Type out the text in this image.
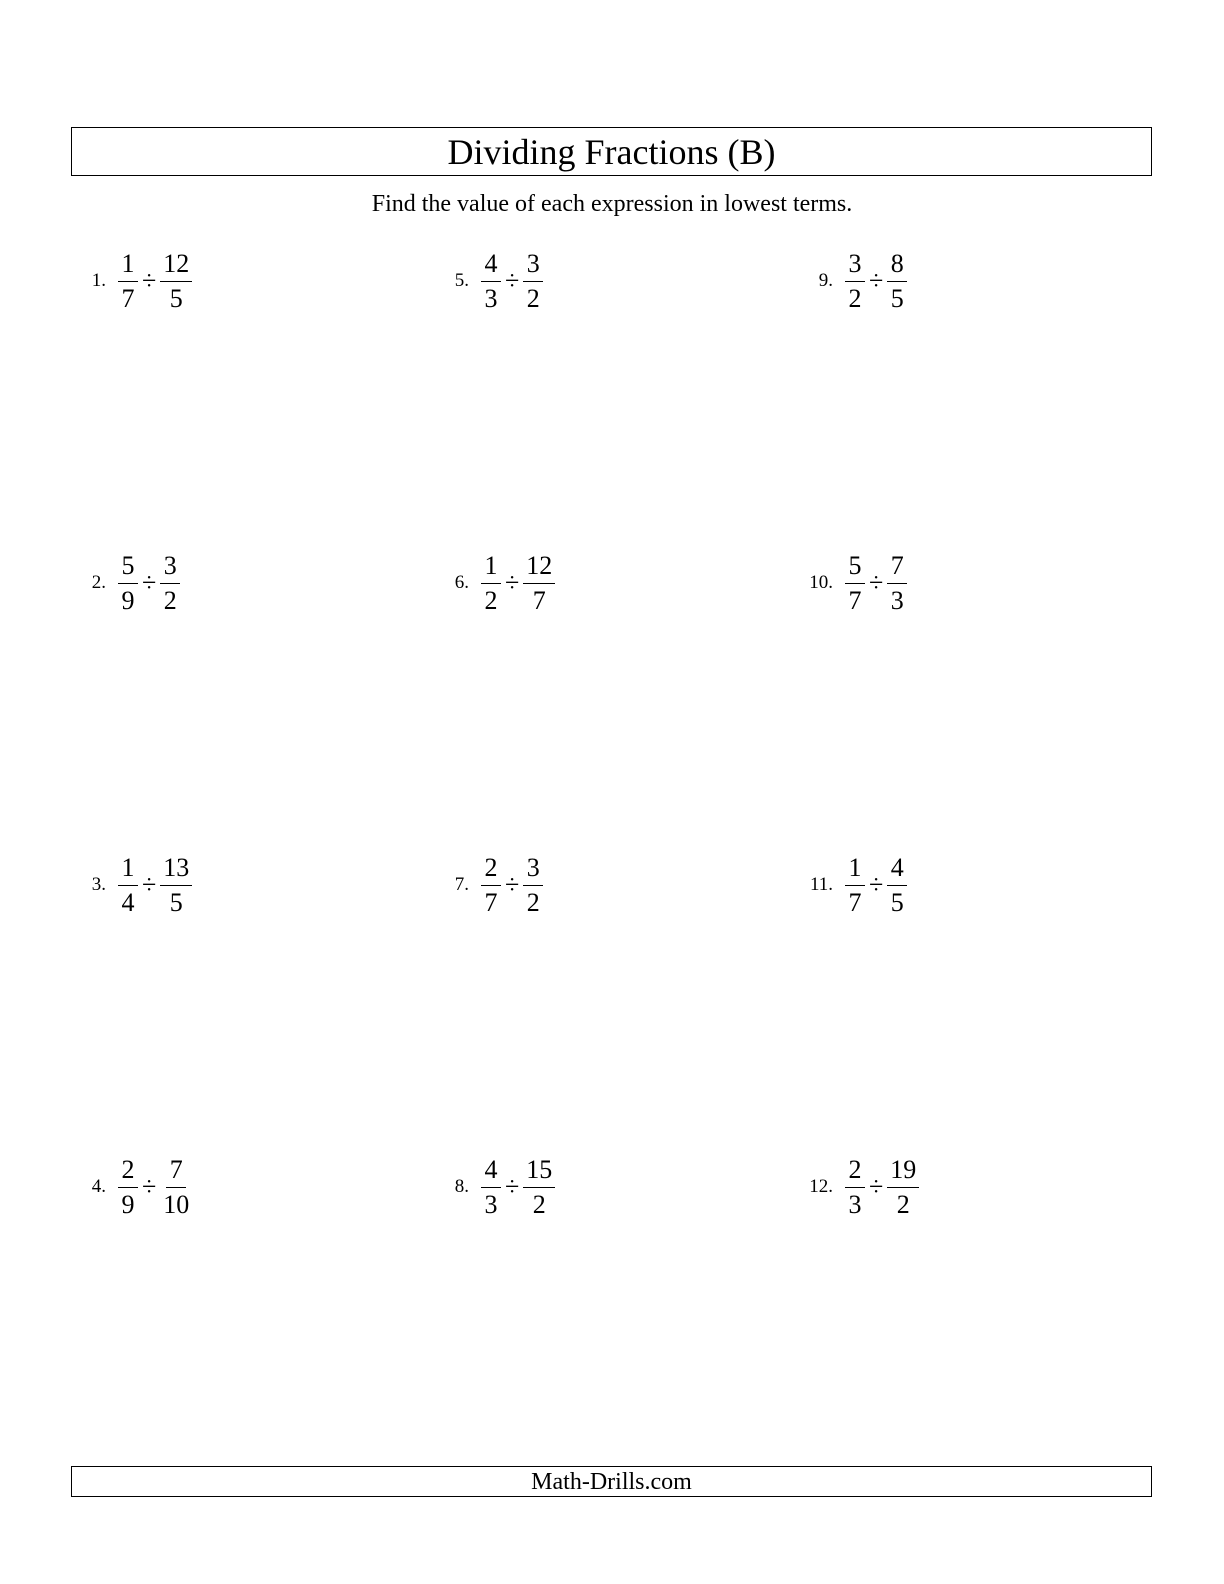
Dividing Fractions (B)
Find the value of each expression in lowest terms.
1. $\frac{1}{7} \div \frac{12}{5}$
2. $\frac{5}{9} \div \frac{3}{2}$
3. $\frac{1}{4} \div \frac{13}{5}$
4. $\frac{2}{9} \div \frac{7}{10}$
5. $\frac{4}{3} \div \frac{3}{2}$
6. $\frac{1}{2} \div \frac{12}{7}$
7. $\frac{2}{7} \div \frac{3}{2}$
8. $\frac{4}{3} \div \frac{15}{2}$
9. $\frac{3}{2} \div \frac{8}{5}$
10. $\frac{5}{7} \div \frac{7}{3}$
11. $\frac{1}{7} \div \frac{4}{5}$
12. $\frac{2}{3} \div \frac{19}{2}$
Math-Drills.com
